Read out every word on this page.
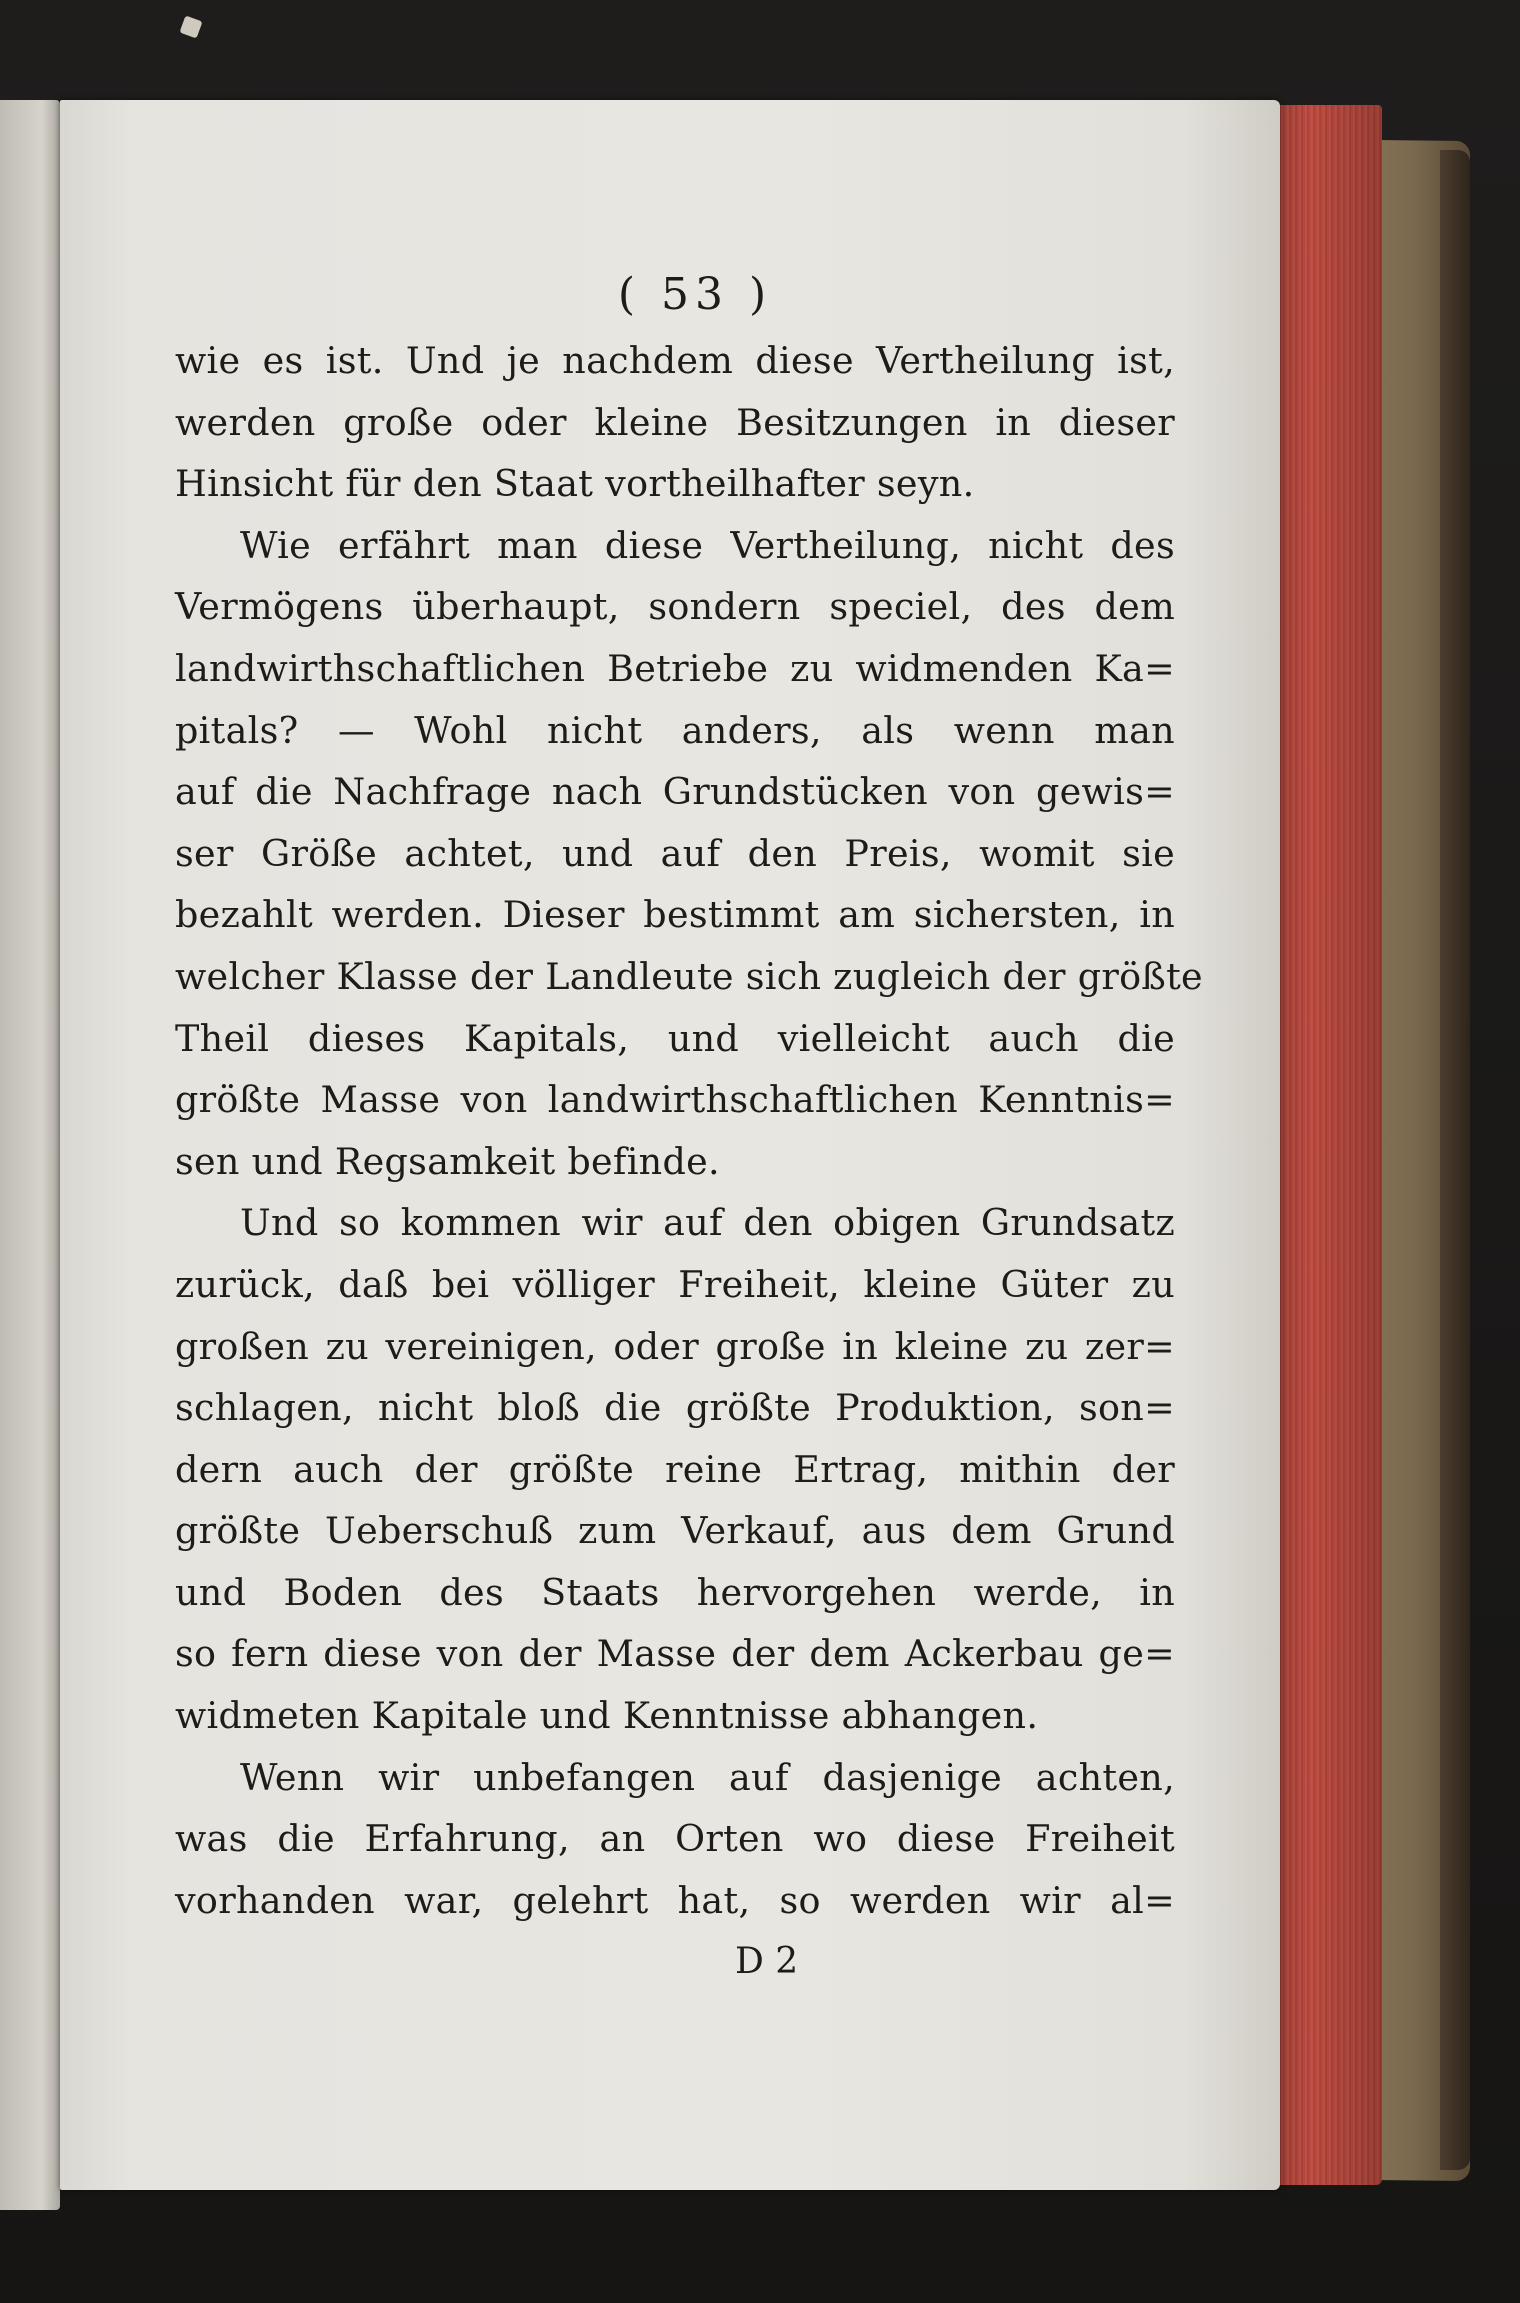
( 53 )
wie es ist. Und je nachdem diese Vertheilung ist,
werden große oder kleine Besitzungen in dieser
Hinsicht für den Staat vortheilhafter seyn.
Wie erfährt man diese Vertheilung, nicht des
Vermögens überhaupt, sondern speciel, des dem
landwirthschaftlichen Betriebe zu widmenden Ka=
pitals? — Wohl nicht anders, als wenn man
auf die Nachfrage nach Grundstücken von gewis=
ser Größe achtet, und auf den Preis, womit sie
bezahlt werden. Dieser bestimmt am sichersten, in
welcher Klasse der Landleute sich zugleich der größte
Theil dieses Kapitals, und vielleicht auch die
größte Masse von landwirthschaftlichen Kenntnis=
sen und Regsamkeit befinde.
Und so kommen wir auf den obigen Grundsatz
zurück, daß bei völliger Freiheit, kleine Güter zu
großen zu vereinigen, oder große in kleine zu zer=
schlagen, nicht bloß die größte Produktion, son=
dern auch der größte reine Ertrag, mithin der
größte Ueberschuß zum Verkauf, aus dem Grund
und Boden des Staats hervorgehen werde, in
so fern diese von der Masse der dem Ackerbau ge=
widmeten Kapitale und Kenntnisse abhangen.
Wenn wir unbefangen auf dasjenige achten,
was die Erfahrung, an Orten wo diese Freiheit
vorhanden war, gelehrt hat, so werden wir al=
D 2
